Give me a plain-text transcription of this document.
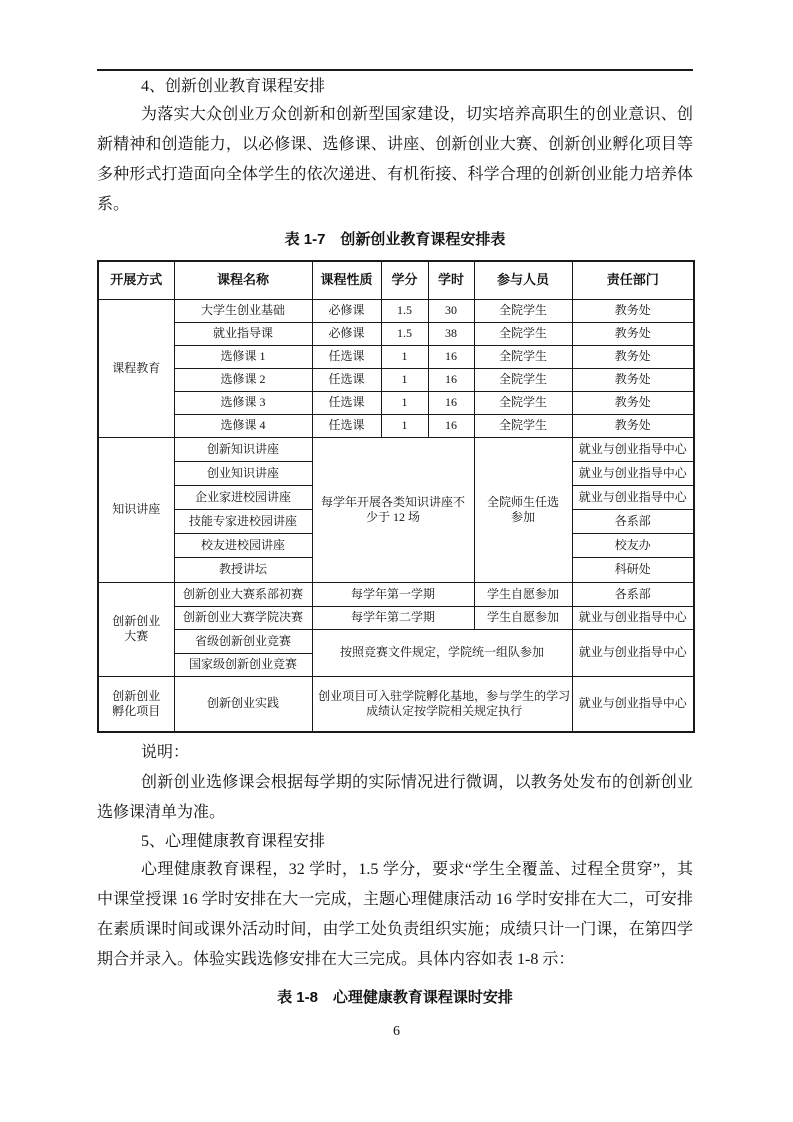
4、创新创业教育课程安排

为落实大众创业万众创新和创新型国家建设，切实培养高职生的创业意识、创新精神和创造能力，以必修课、选修课、讲座、创新创业大赛、创新创业孵化项目等多种形式打造面向全体学生的依次递进、有机衔接、科学合理的创新创业能力培养体系。

表 1-7　创新创业教育课程安排表

开展方式	课程名称	课程性质	学分	学时	参与人员	责任部门
课程教育	大学生创业基础	必修课	1.5	30	全院学生	教务处
	就业指导课	必修课	1.5	38	全院学生	教务处
	选修课 1	任选课	1	16	全院学生	教务处
	选修课 2	任选课	1	16	全院学生	教务处
	选修课 3	任选课	1	16	全院学生	教务处
	选修课 4	任选课	1	16	全院学生	教务处
知识讲座	创新知识讲座	每学年开展各类知识讲座不少于 12 场			全院师生任选参加	就业与创业指导中心
	创业知识讲座					就业与创业指导中心
	企业家进校园讲座					就业与创业指导中心
	技能专家进校园讲座					各系部
	校友进校园讲座					校友办
	教授讲坛					科研处
创新创业大赛	创新创业大赛系部初赛	每学年第一学期			学生自愿参加	各系部
	创新创业大赛学院决赛	每学年第二学期			学生自愿参加	就业与创业指导中心
	省级创新创业竞赛	按照竞赛文件规定，学院统一组队参加				就业与创业指导中心
	国家级创新创业竞赛					
创新创业孵化项目	创新创业实践	创业项目可入驻学院孵化基地，参与学生的学习成绩认定按学院相关规定执行				就业与创业指导中心

说明：

创新创业选修课会根据每学期的实际情况进行微调，以教务处发布的创新创业选修课清单为准。

5、心理健康教育课程安排

心理健康教育课程，32 学时，1.5 学分，要求“学生全覆盖、过程全贯穿”，其中课堂授课 16 学时安排在大一完成，主题心理健康活动 16 学时安排在大二，可安排在素质课时间或课外活动时间，由学工处负责组织实施；成绩只计一门课，在第四学期合并录入。体验实践选修安排在大三完成。具体内容如表 1-8 示：

表 1-8　心理健康教育课程课时安排

6
